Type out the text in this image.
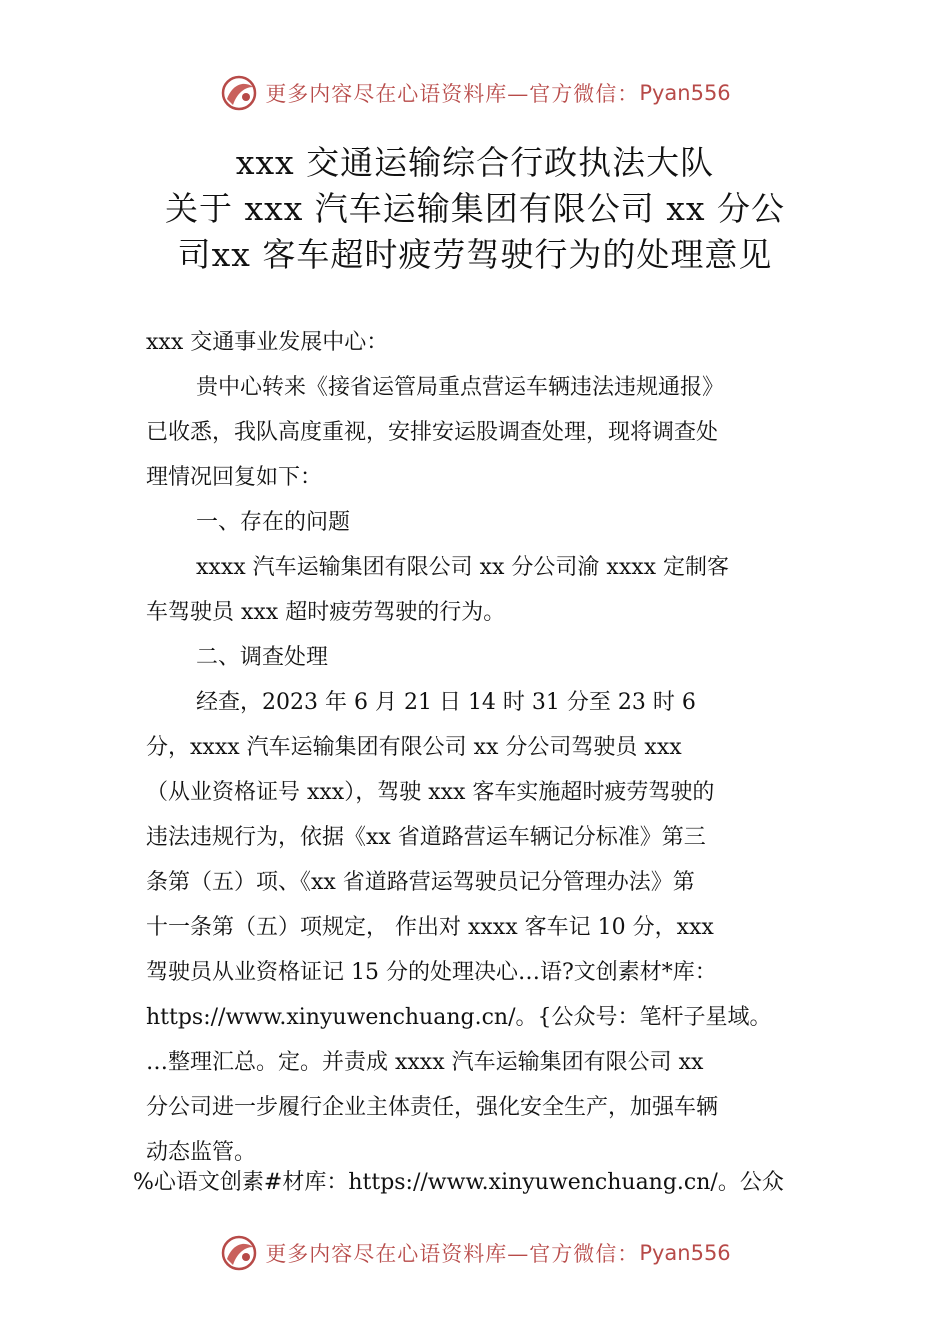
更多内容尽在心语资料库—官方微信： Pyan556
xxx 交通运输综合行政执法大队
关于 xxx 汽车运输集团有限公司 xx 分公
司xx 客车超时疲劳驾驶行为的处理意见
xxx 交通事业发展中心：
贵中心转来《接省运管局重点营运车辆违法违规通报》
已收悉，我队高度重视，安排安运股调查处理，现将调查处
理情况回复如下：
一、存在的问题
xxxx 汽车运输集团有限公司 xx 分公司渝 xxxx 定制客
车驾驶员 xxx 超时疲劳驾驶的行为。
二、调查处理
经查，2023 年 6 月 21 日 14 时 31 分至 23 时 6
分，xxxx 汽车运输集团有限公司 xx 分公司驾驶员 xxx
（从业资格证号 xxx），驾驶 xxx 客车实施超时疲劳驾驶的
违法违规行为，依据《xx 省道路营运车辆记分标准》第三
条第（五）项、《xx 省道路营运驾驶员记分管理办法》第
十一条第（五）项规定， 作出对 xxxx 客车记 10 分，xxx
驾驶员从业资格证记 15 分的处理决心…语?文创素材*库：
https://www.xinyuwenchuang.cn/。{公众号：笔杆子星域。
…整理汇总。定。并责成 xxxx 汽车运输集团有限公司 xx
分公司进一步履行企业主体责任，强化安全生产，加强车辆
动态监管。
%心语文创素#材库：https://www.xinyuwenchuang.cn/。公众
更多内容尽在心语资料库—官方微信： Pyan556
